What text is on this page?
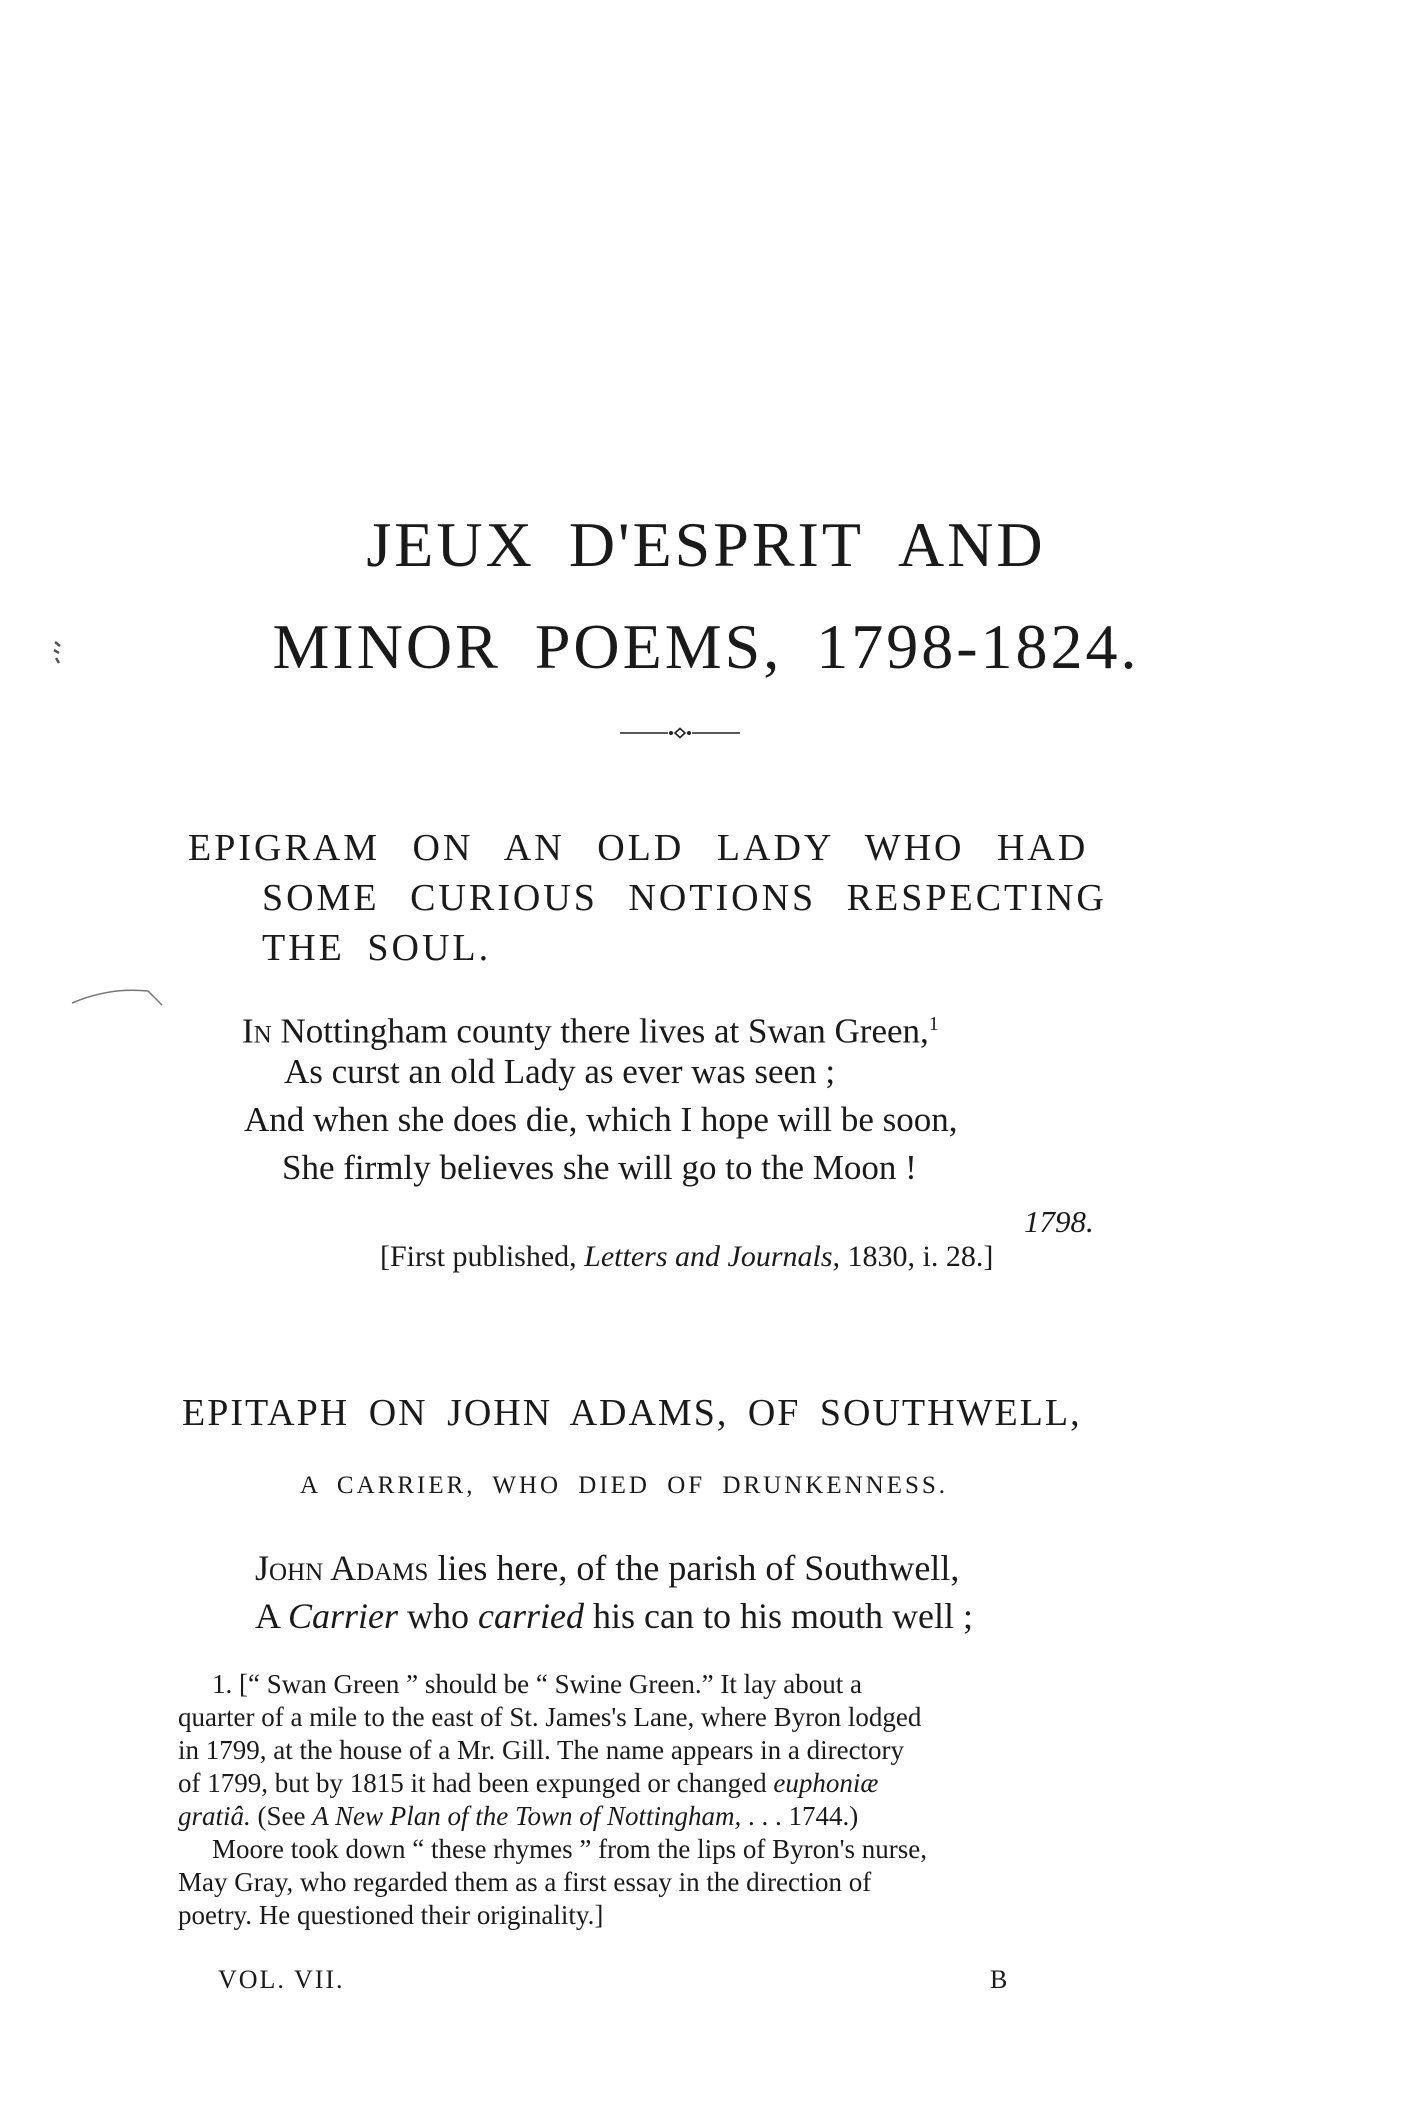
JEUX D'ESPRIT AND
MINOR POEMS, 1798-1824.

EPIGRAM ON AN OLD LADY WHO HAD

SOME CURIOUS NOTIONS RESPECTING

THE SOUL.

In Nottingham county there lives at Swan Green,$^1$

As curst an old Lady as ever was seen ;

And when she does die, which I hope will be soon,

She firmly believes she will go to the Moon !

1798.

[First published, Letters and Journals, 1830, i. 28.]

EPITAPH ON JOHN ADAMS, OF SOUTHWELL,

A CARRIER, WHO DIED OF DRUNKENNESS.

John Adams lies here, of the parish of Southwell,

A Carrier who carried his can to his mouth well ;

1. [“ Swan Green ” should be “ Swine Green.” It lay about a

quarter of a mile to the east of St. James's Lane, where Byron lodged

in 1799, at the house of a Mr. Gill. The name appears in a directory

of 1799, but by 1815 it had been expunged or changed euphoniæ

gratiâ. (See A New Plan of the Town of Nottingham, . . . 1744.)

Moore took down “ these rhymes ” from the lips of Byron's nurse,

May Gray, who regarded them as a first essay in the direction of

poetry. He questioned their originality.]

VOL. VII.	B
